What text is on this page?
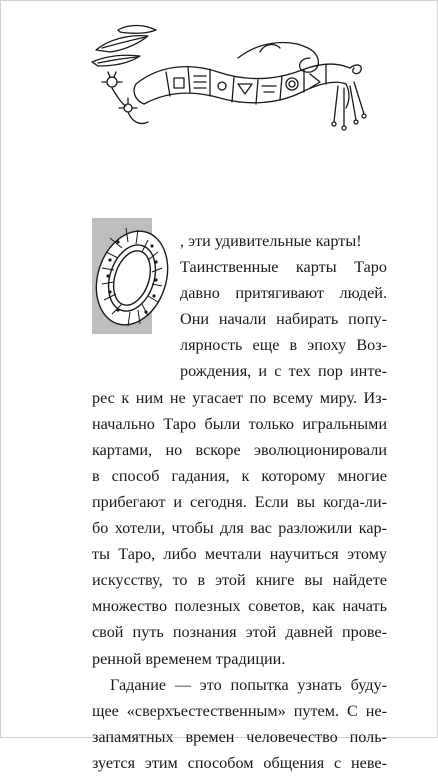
, эти удивительные карты!
Таинственные карты Таро
давно притягивают людей.
Они начали набирать попу-
лярность еще в эпоху Воз-
рождения, и с тех пор инте-
рес к ним не угасает по всему миру. Из-
начально Таро были только игральными
картами, но вскоре эволюционировали
в способ гадания, к которому многие
прибегают и сегодня. Если вы когда-ли-
бо хотели, чтобы для вас разложили кар-
ты Таро, либо мечтали научиться этому
искусству, то в этой книге вы найдете
множество полезных советов, как начать
свой путь познания этой давней прове-
ренной временем традиции.
Гадание — это попытка узнать буду-
щее «сверхъестественным» путем. С не-
запамятных времен человечество поль-
зуется этим способом общения с неве-
